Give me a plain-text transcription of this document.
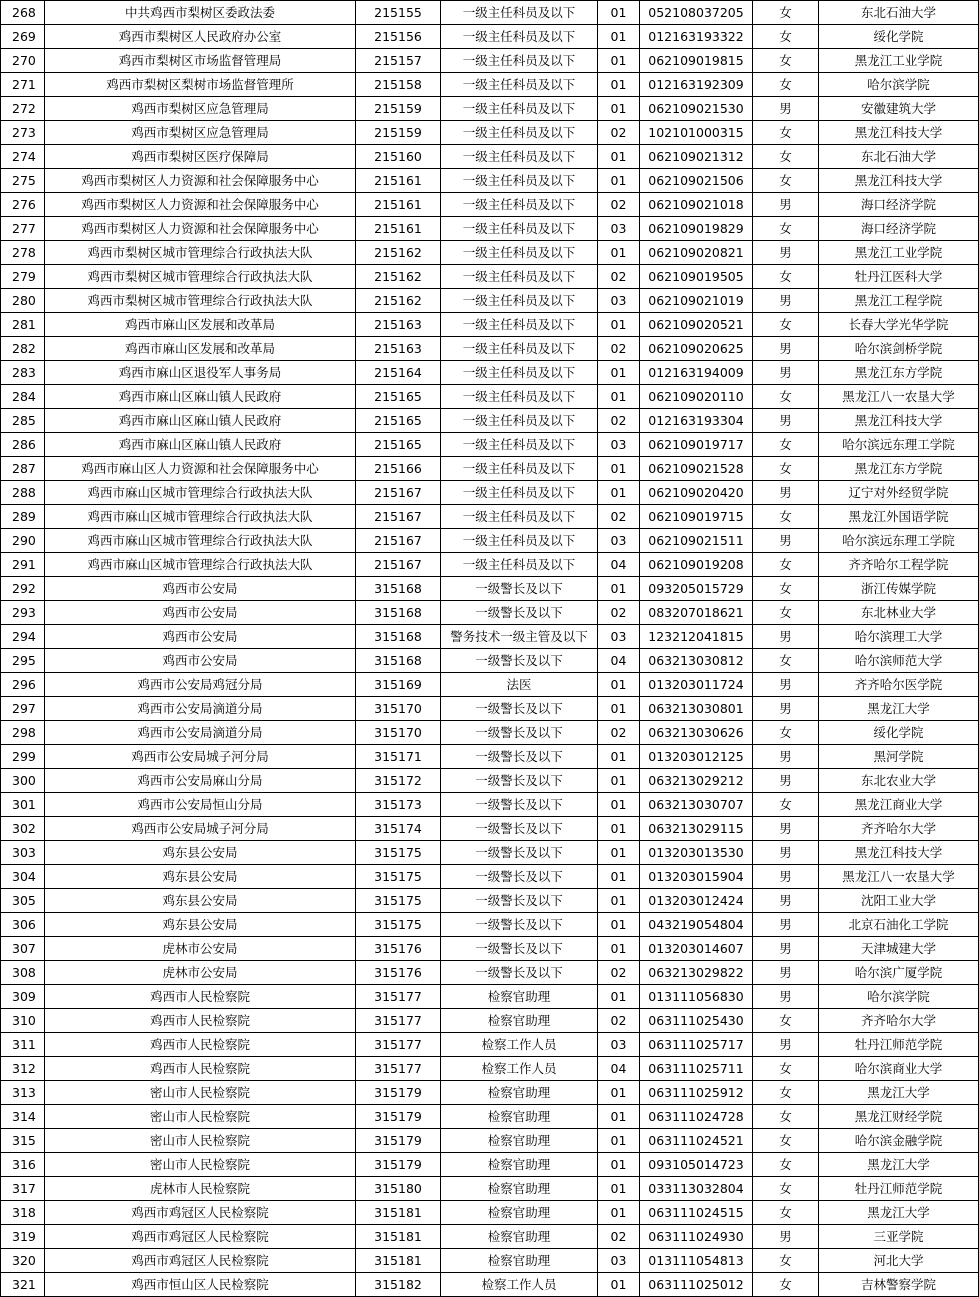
268	中共鸡西市梨树区委政法委	215155	一级主任科员及以下	01	052108037205	女	东北石油大学
269	鸡西市梨树区人民政府办公室	215156	一级主任科员及以下	01	012163193322	女	绥化学院
270	鸡西市梨树区市场监督管理局	215157	一级主任科员及以下	01	062109019815	女	黑龙江工业学院
271	鸡西市梨树区梨树市场监督管理所	215158	一级主任科员及以下	01	012163192309	女	哈尔滨学院
272	鸡西市梨树区应急管理局	215159	一级主任科员及以下	01	062109021530	男	安徽建筑大学
273	鸡西市梨树区应急管理局	215159	一级主任科员及以下	02	102101000315	女	黑龙江科技大学
274	鸡西市梨树区医疗保障局	215160	一级主任科员及以下	01	062109021312	女	东北石油大学
275	鸡西市梨树区人力资源和社会保障服务中心	215161	一级主任科员及以下	01	062109021506	女	黑龙江科技大学
276	鸡西市梨树区人力资源和社会保障服务中心	215161	一级主任科员及以下	02	062109021018	男	海口经济学院
277	鸡西市梨树区人力资源和社会保障服务中心	215161	一级主任科员及以下	03	062109019829	女	海口经济学院
278	鸡西市梨树区城市管理综合行政执法大队	215162	一级主任科员及以下	01	062109020821	男	黑龙江工业学院
279	鸡西市梨树区城市管理综合行政执法大队	215162	一级主任科员及以下	02	062109019505	女	牡丹江医科大学
280	鸡西市梨树区城市管理综合行政执法大队	215162	一级主任科员及以下	03	062109021019	男	黑龙江工程学院
281	鸡西市麻山区发展和改革局	215163	一级主任科员及以下	01	062109020521	女	长春大学光华学院
282	鸡西市麻山区发展和改革局	215163	一级主任科员及以下	02	062109020625	男	哈尔滨剑桥学院
283	鸡西市麻山区退役军人事务局	215164	一级主任科员及以下	01	012163194009	男	黑龙江东方学院
284	鸡西市麻山区麻山镇人民政府	215165	一级主任科员及以下	01	062109020110	女	黑龙江八一农垦大学
285	鸡西市麻山区麻山镇人民政府	215165	一级主任科员及以下	02	012163193304	男	黑龙江科技大学
286	鸡西市麻山区麻山镇人民政府	215165	一级主任科员及以下	03	062109019717	女	哈尔滨远东理工学院
287	鸡西市麻山区人力资源和社会保障服务中心	215166	一级主任科员及以下	01	062109021528	女	黑龙江东方学院
288	鸡西市麻山区城市管理综合行政执法大队	215167	一级主任科员及以下	01	062109020420	男	辽宁对外经贸学院
289	鸡西市麻山区城市管理综合行政执法大队	215167	一级主任科员及以下	02	062109019715	女	黑龙江外国语学院
290	鸡西市麻山区城市管理综合行政执法大队	215167	一级主任科员及以下	03	062109021511	男	哈尔滨远东理工学院
291	鸡西市麻山区城市管理综合行政执法大队	215167	一级主任科员及以下	04	062109019208	女	齐齐哈尔工程学院
292	鸡西市公安局	315168	一级警长及以下	01	093205015729	女	浙江传媒学院
293	鸡西市公安局	315168	一级警长及以下	02	083207018621	女	东北林业大学
294	鸡西市公安局	315168	警务技术一级主管及以下	03	123212041815	男	哈尔滨理工大学
295	鸡西市公安局	315168	一级警长及以下	04	063213030812	女	哈尔滨师范大学
296	鸡西市公安局鸡冠分局	315169	法医	01	013203011724	男	齐齐哈尔医学院
297	鸡西市公安局滴道分局	315170	一级警长及以下	01	063213030801	男	黑龙江大学
298	鸡西市公安局滴道分局	315170	一级警长及以下	02	063213030626	女	绥化学院
299	鸡西市公安局城子河分局	315171	一级警长及以下	01	013203012125	男	黑河学院
300	鸡西市公安局麻山分局	315172	一级警长及以下	01	063213029212	男	东北农业大学
301	鸡西市公安局恒山分局	315173	一级警长及以下	01	063213030707	女	黑龙江商业大学
302	鸡西市公安局城子河分局	315174	一级警长及以下	01	063213029115	男	齐齐哈尔大学
303	鸡东县公安局	315175	一级警长及以下	01	013203013530	男	黑龙江科技大学
304	鸡东县公安局	315175	一级警长及以下	01	013203015904	男	黑龙江八一农垦大学
305	鸡东县公安局	315175	一级警长及以下	01	013203012424	男	沈阳工业大学
306	鸡东县公安局	315175	一级警长及以下	01	043219054804	男	北京石油化工学院
307	虎林市公安局	315176	一级警长及以下	01	013203014607	男	天津城建大学
308	虎林市公安局	315176	一级警长及以下	02	063213029822	男	哈尔滨广厦学院
309	鸡西市人民检察院	315177	检察官助理	01	013111056830	男	哈尔滨学院
310	鸡西市人民检察院	315177	检察官助理	02	063111025430	女	齐齐哈尔大学
311	鸡西市人民检察院	315177	检察工作人员	03	063111025717	男	牡丹江师范学院
312	鸡西市人民检察院	315177	检察工作人员	04	063111025711	女	哈尔滨商业大学
313	密山市人民检察院	315179	检察官助理	01	063111025912	女	黑龙江大学
314	密山市人民检察院	315179	检察官助理	01	063111024728	女	黑龙江财经学院
315	密山市人民检察院	315179	检察官助理	01	063111024521	女	哈尔滨金融学院
316	密山市人民检察院	315179	检察官助理	01	093105014723	女	黑龙江大学
317	虎林市人民检察院	315180	检察官助理	01	033113032804	女	牡丹江师范学院
318	鸡西市鸡冠区人民检察院	315181	检察官助理	01	063111024515	女	黑龙江大学
319	鸡西市鸡冠区人民检察院	315181	检察官助理	02	063111024930	男	三亚学院
320	鸡西市鸡冠区人民检察院	315181	检察官助理	03	013111054813	女	河北大学
321	鸡西市恒山区人民检察院	315182	检察工作人员	01	063111025012	女	吉林警察学院
